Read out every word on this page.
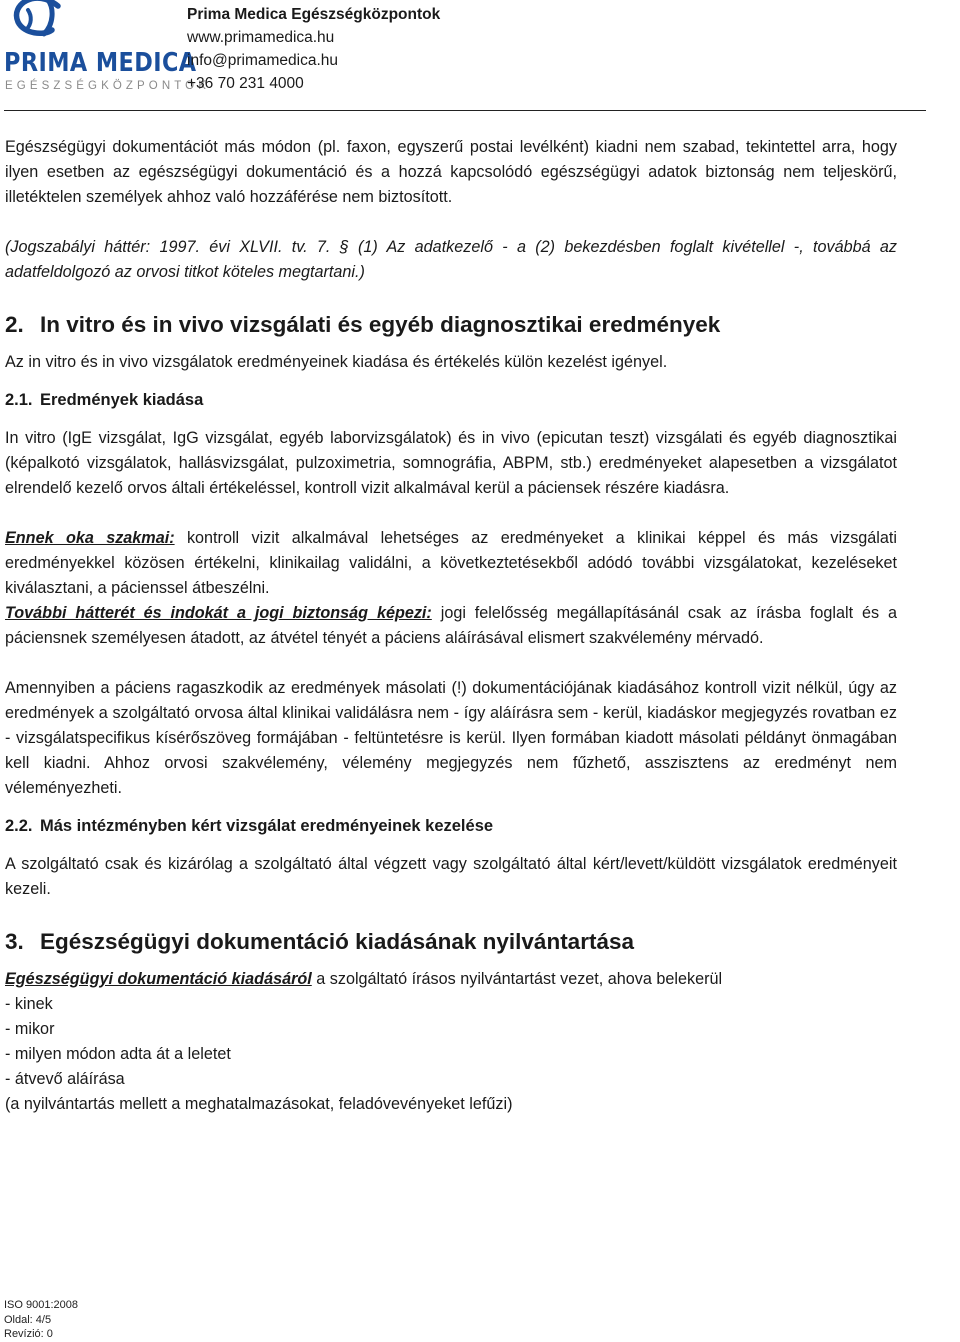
PRIMA MEDICA
EGÉSZSÉGKÖZPONTOK
Prima Medica Egészségközpontok
www.primamedica.hu
info@primamedica.hu
+36 70 231 4000

Egészségügyi dokumentációt más módon (pl. faxon, egyszerű postai levélként) kiadni nem szabad, tekintettel arra, hogy ilyen esetben az egészségügyi dokumentáció és a hozzá kapcsolódó egészségügyi adatok biztonság nem teljeskörű, illetéktelen személyek ahhoz való hozzáférése nem biztosított.

(Jogszabályi háttér: 1997. évi XLVII. tv. 7. § (1) Az adatkezelő - a (2) bekezdésben foglalt kivétellel -, továbbá az adatfeldolgozó az orvosi titkot köteles megtartani.)

2. In vitro és in vivo vizsgálati és egyéb diagnosztikai eredmények

Az in vitro és in vivo vizsgálatok eredményeinek kiadása és értékelés külön kezelést igényel.

2.1. Eredmények kiadása

In vitro (IgE vizsgálat, IgG vizsgálat, egyéb laborvizsgálatok) és in vivo (epicutan teszt) vizsgálati és egyéb diagnosztikai (képalkotó vizsgálatok, hallásvizsgálat, pulzoximetria, somnográfia, ABPM, stb.) eredményeket alapesetben a vizsgálatot elrendelő kezelő orvos általi értékeléssel, kontroll vizit alkalmával kerül a páciensek részére kiadásra.

Ennek oka szakmai: kontroll vizit alkalmával lehetséges az eredményeket a klinikai képpel és más vizsgálati eredményekkel közösen értékelni, klinikailag validálni, a következtetésekből adódó további vizsgálatokat, kezeléseket kiválasztani, a pácienssel átbeszélni.

További hátterét és indokát a jogi biztonság képezi: jogi felelősség megállapításánál csak az írásba foglalt és a páciensnek személyesen átadott, az átvétel tényét a páciens aláírásával elismert szakvélemény mérvadó.

Amennyiben a páciens ragaszkodik az eredmények másolati (!) dokumentációjának kiadásához kontroll vizit nélkül, úgy az eredmények a szolgáltató orvosa által klinikai validálásra nem - így aláírásra sem - kerül, kiadáskor megjegyzés rovatban ez - vizsgálatspecifikus kísérőszöveg formájában - feltüntetésre is kerül. Ilyen formában kiadott másolati példányt önmagában kell kiadni. Ahhoz orvosi szakvélemény, vélemény megjegyzés nem fűzhető, asszisztens az eredményt nem véleményezheti.

2.2. Más intézményben kért vizsgálat eredményeinek kezelése

A szolgáltató csak és kizárólag a szolgáltató által végzett vagy szolgáltató által kért/levett/küldött vizsgálatok eredményeit kezeli.

3. Egészségügyi dokumentáció kiadásának nyilvántartása

Egészségügyi dokumentáció kiadásáról a szolgáltató írásos nyilvántartást vezet, ahova belekerül

- kinek

- mikor

- milyen módon adta át a leletet

- átvevő aláírása

(a nyilvántartás mellett a meghatalmazásokat, feladóvevényeket lefűzi)

ISO 9001:2008
Oldal: 4/5
Revízió: 0
